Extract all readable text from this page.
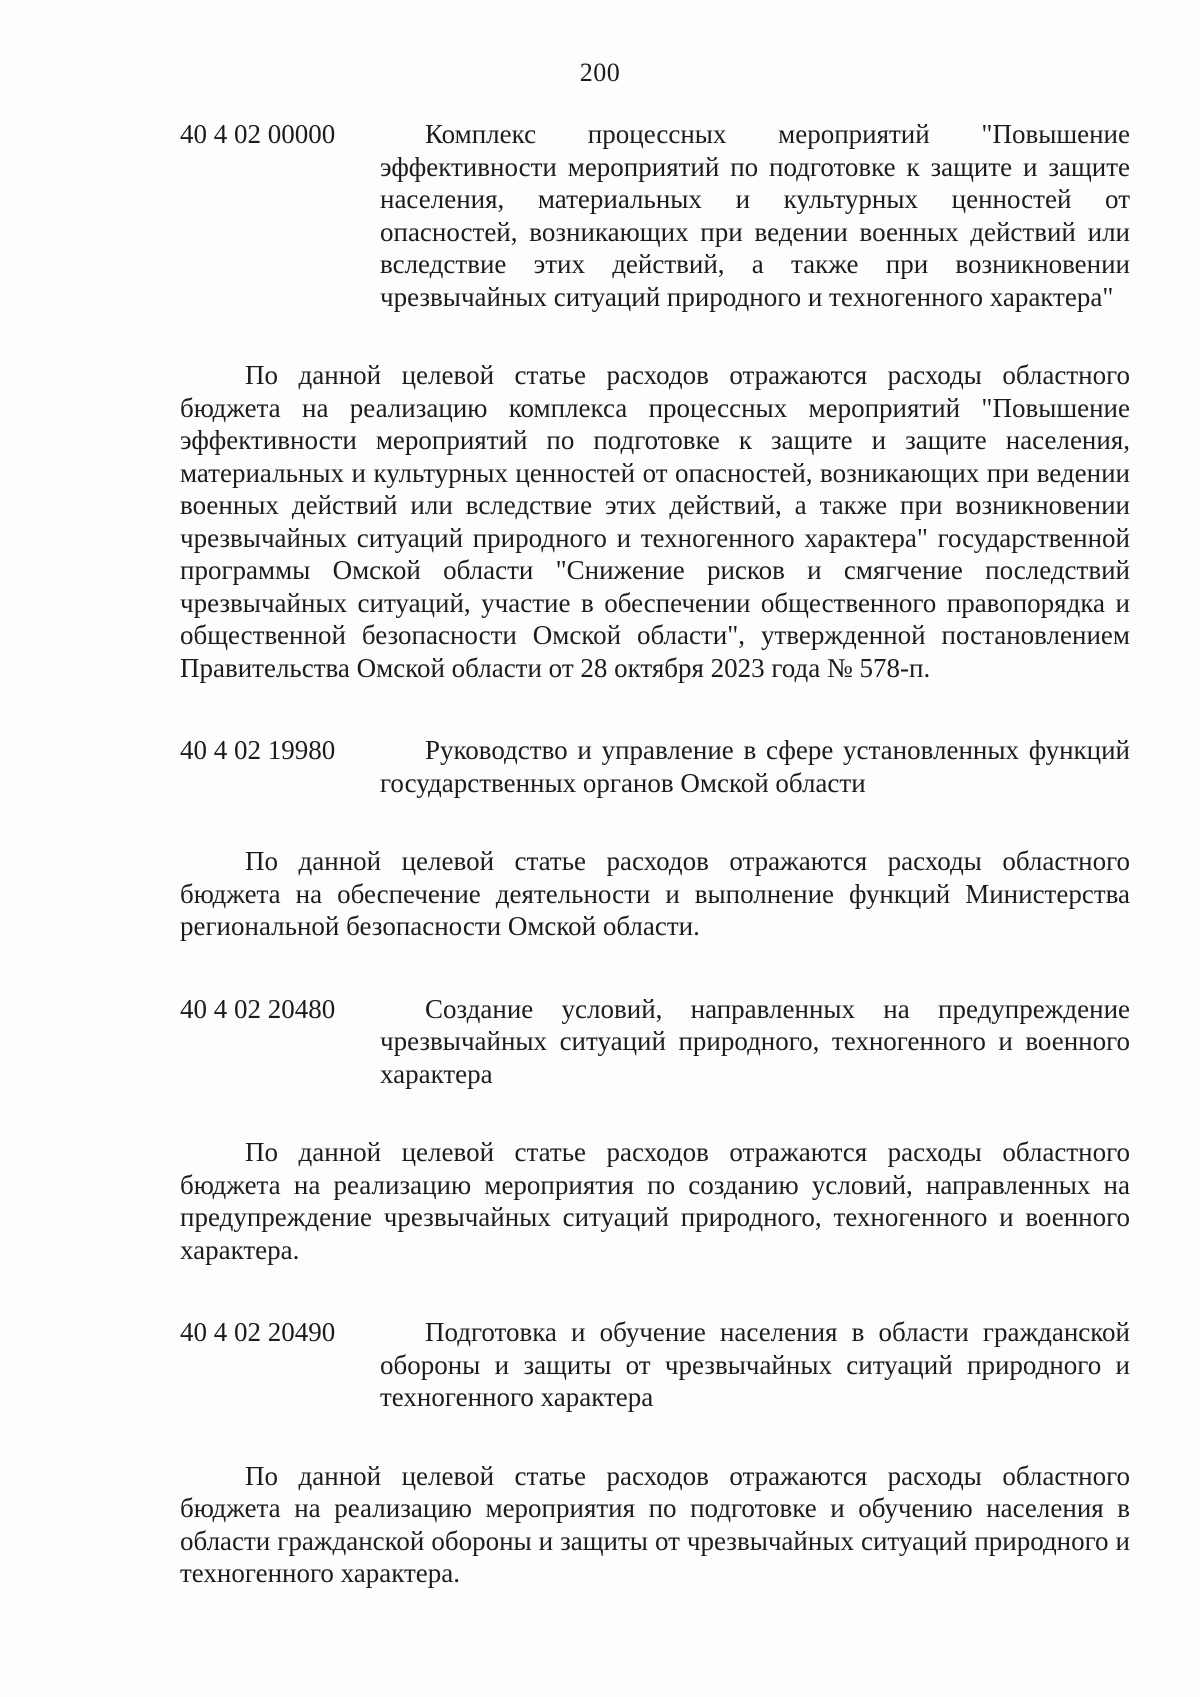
200
40 4 02 00000	Комплекс процессных мероприятий "Повышение эффективности мероприятий по подготовке к защите и защите населения, материальных и культурных ценностей от опасностей, возникающих при ведении военных действий или вследствие этих действий, а также при возникновении чрезвычайных ситуаций природного и техногенного характера"
По данной целевой статье расходов отражаются расходы областного бюджета на реализацию комплекса процессных мероприятий "Повышение эффективности мероприятий по подготовке к защите и защите населения, материальных и культурных ценностей от опасностей, возникающих при ведении военных действий или вследствие этих действий, а также при возникновении чрезвычайных ситуаций природного и техногенного характера" государственной программы Омской области "Снижение рисков и смягчение последствий чрезвычайных ситуаций, участие в обеспечении общественного правопорядка и общественной безопасности Омской области", утвержденной постановлением Правительства Омской области от 28 октября 2023 года № 578-п.
40 4 02 19980	Руководство и управление в сфере установленных функций государственных органов Омской области
По данной целевой статье расходов отражаются расходы областного бюджета на обеспечение деятельности и выполнение функций Министерства региональной безопасности Омской области.
40 4 02 20480	Создание условий, направленных на предупреждение чрезвычайных ситуаций природного, техногенного и военного характера
По данной целевой статье расходов отражаются расходы областного бюджета на реализацию мероприятия по созданию условий, направленных на предупреждение чрезвычайных ситуаций природного, техногенного и военного характера.
40 4 02 20490	Подготовка и обучение населения в области гражданской обороны и защиты от чрезвычайных ситуаций природного и техногенного характера
По данной целевой статье расходов отражаются расходы областного бюджета на реализацию мероприятия по подготовке и обучению населения в области гражданской обороны и защиты от чрезвычайных ситуаций природного и техногенного характера.
